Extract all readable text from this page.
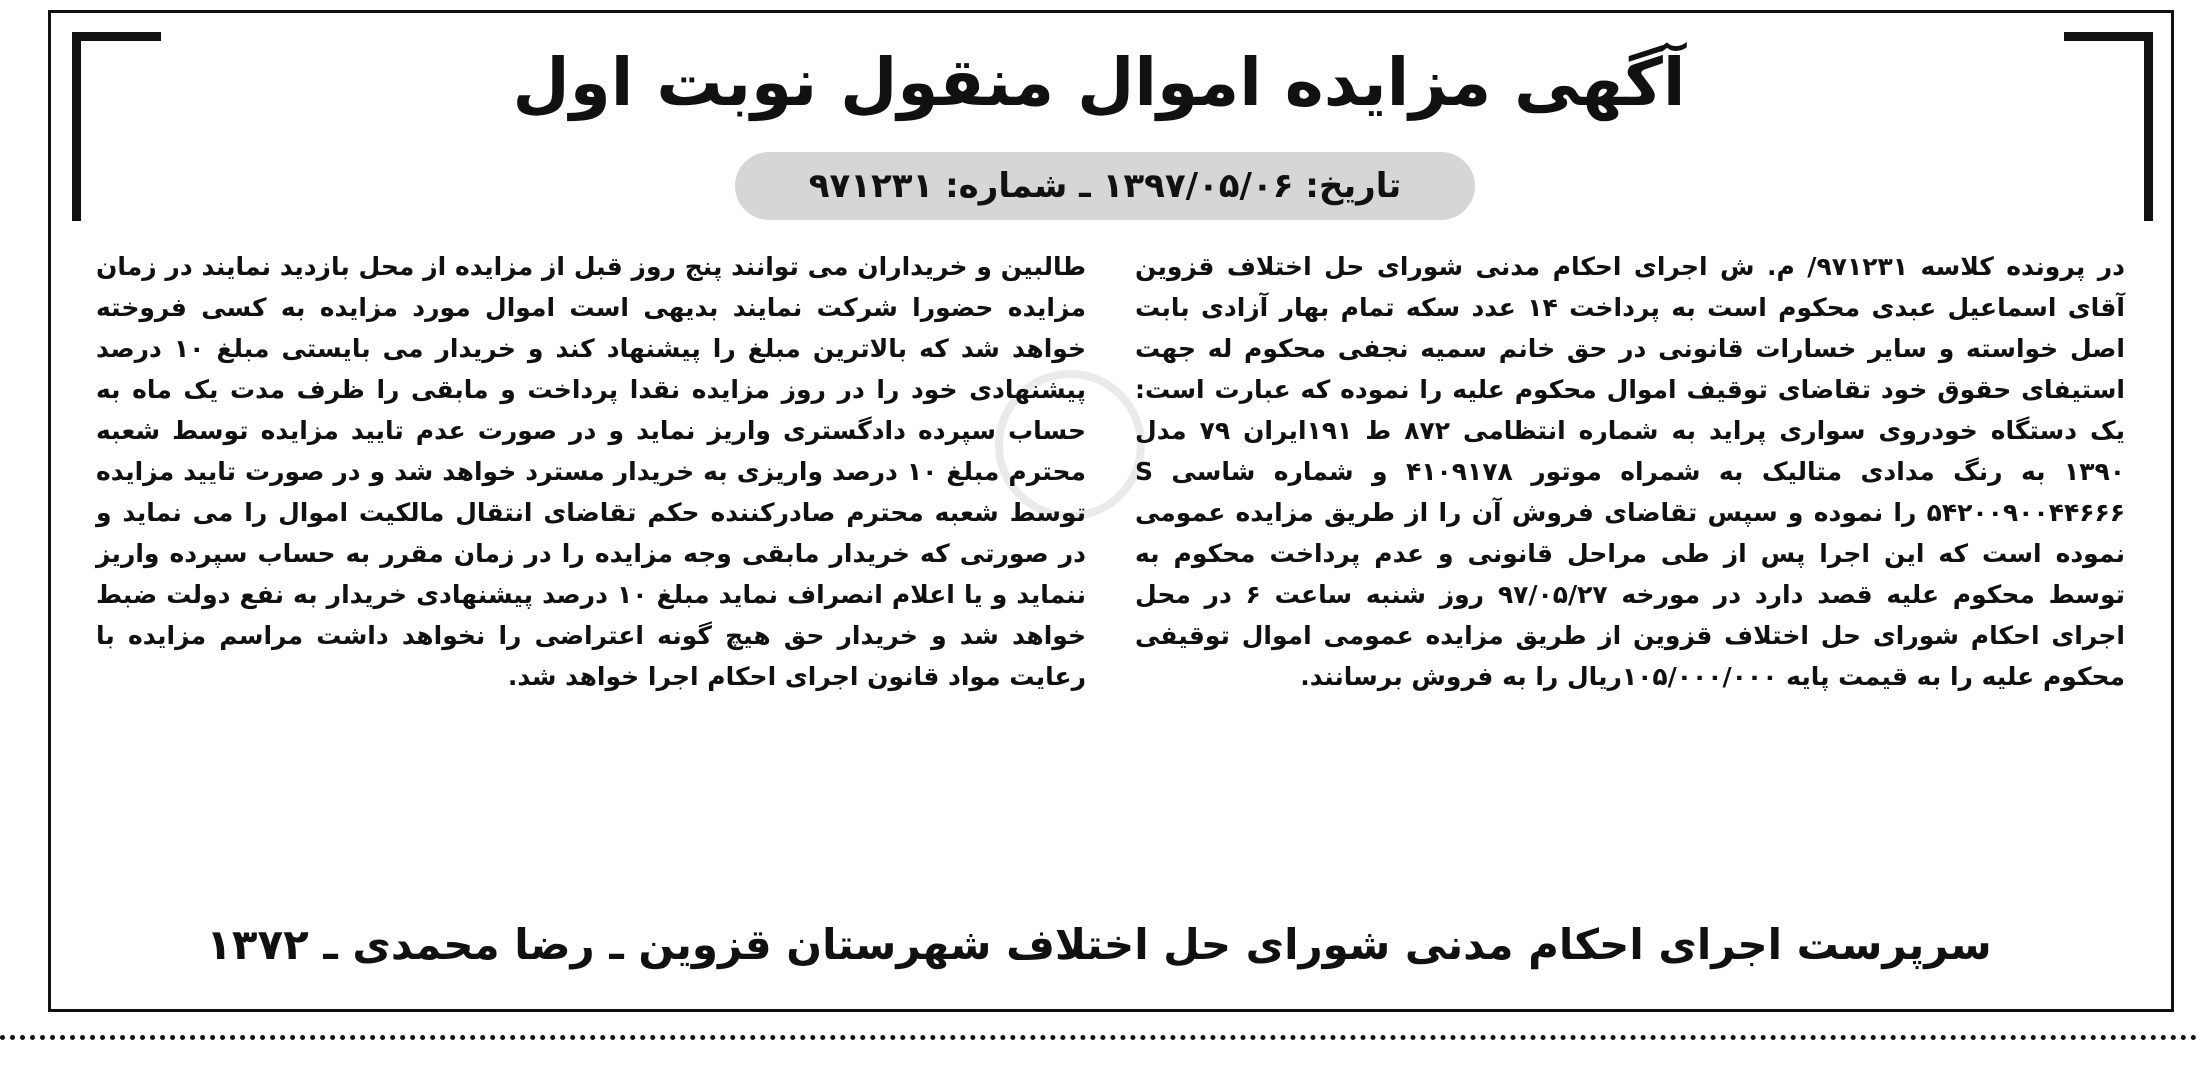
آگهی مزایده اموال منقول نوبت اول
تاریخ: ۱۳۹۷/۰۵/۰۶ ـ شماره: ۹۷۱۲۳۱

در پرونده کلاسه ۹۷۱۲۳۱/ م. ش اجرای احکام مدنی شورای حل اختلاف قزوین آقای اسماعیل عبدی محکوم است به پرداخت ۱۴ عدد سکه تمام بهار آزادی بابت اصل خواسته و سایر خسارات قانونی در حق خانم سمیه نجفی محکوم له جهت استیفای حقوق خود تقاضای توقیف اموال محکوم علیه را نموده که عبارت است: یک دستگاه خودروی سواری پراید به شماره انتظامی ۸۷۲ ط ۱۹۱ایران ۷۹ مدل ۱۳۹۰ به رنگ مدادی متالیک به شمراه موتور ۴۱۰۹۱۷۸ و شماره شاسی S ۵۴۲۰۰۹۰۰۴۴۶۶۶ را نموده و سپس تقاضای فروش آن را از طریق مزایده عمومی نموده است که این اجرا پس از طی مراحل قانونی و عدم پرداخت محکوم به توسط محکوم علیه قصد دارد در مورخه ۹۷/۰۵/۲۷ روز شنبه ساعت ۶ در محل اجرای احکام شورای حل اختلاف قزوین از طریق مزایده عمومی اموال توقیفی محکوم علیه را به قیمت پایه ۱۰۵/۰۰۰/۰۰۰ریال را به فروش برسانند.

طالبین و خریداران می توانند پنج روز قبل از مزایده از محل بازدید نمایند در زمان مزایده حضورا شرکت نمایند بدیهی است اموال مورد مزایده به کسی فروخته خواهد شد که بالاترین مبلغ را پیشنهاد کند و خریدار می بایستی مبلغ ۱۰ درصد پیشنهادی خود را در روز مزایده نقدا پرداخت و مابقی را ظرف مدت یک ماه به حساب سپرده دادگستری واریز نماید و در صورت عدم تایید مزایده توسط شعبه محترم مبلغ ۱۰ درصد واریزی به خریدار مسترد خواهد شد و در صورت تایید مزایده توسط شعبه محترم صادرکننده حکم تقاضای انتقال مالکیت اموال را می نماید و در صورتی که خریدار مابقی وجه مزایده را در زمان مقرر به حساب سپرده واریز ننماید و یا اعلام انصراف نماید مبلغ ۱۰ درصد پیشنهادی خریدار به نفع دولت ضبط خواهد شد و خریدار حق هیچ گونه اعتراضی را نخواهد داشت مراسم مزایده با رعایت مواد قانون اجرای احکام اجرا خواهد شد.

سرپرست اجرای احکام مدنی شورای حل اختلاف شهرستان قزوین ـ رضا محمدی ـ ۱۳۷۲
